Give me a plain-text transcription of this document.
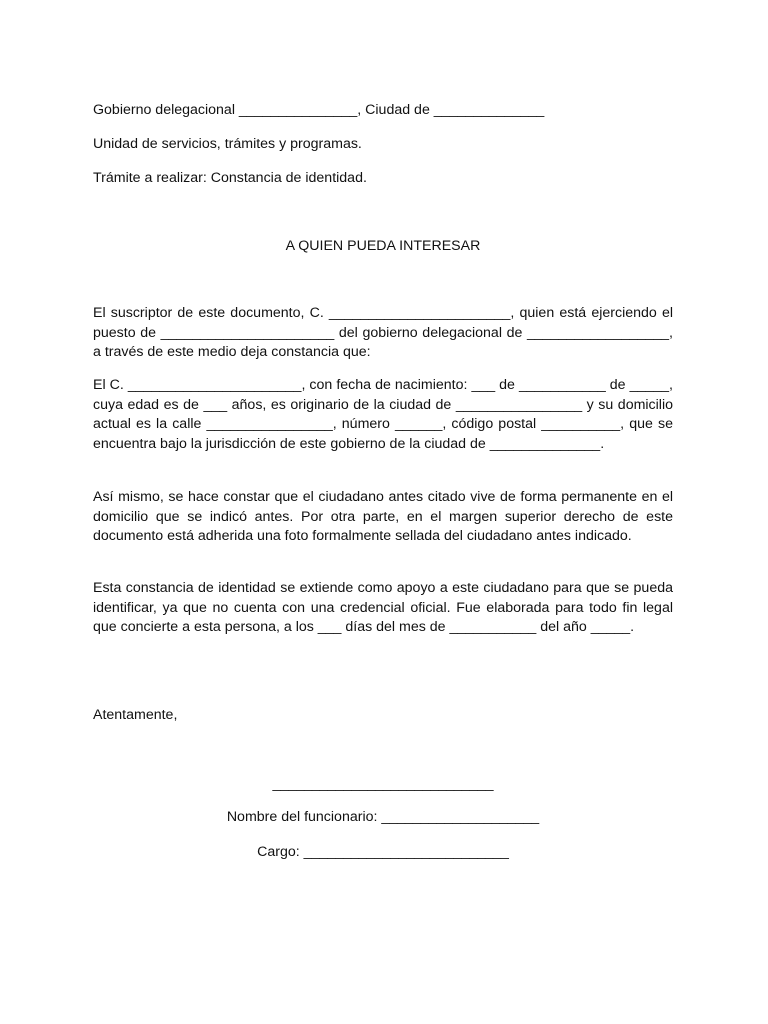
Gobierno delegacional _______________, Ciudad de ______________

Unidad de servicios, trámites y programas.

Trámite a realizar: Constancia de identidad.

A QUIEN PUEDA INTERESAR

El suscriptor de este documento, C. _______________________, quien está ejerciendo el puesto de ______________________ del gobierno delegacional de __________________, a través de este medio deja constancia que:

El C. ______________________, con fecha de nacimiento: ___ de ___________ de _____, cuya edad es de ___ años, es originario de la ciudad de ________________ y su domicilio actual es la calle ________________, número ______, código postal __________, que se encuentra bajo la jurisdicción de este gobierno de la ciudad de ______________.

Así mismo, se hace constar que el ciudadano antes citado vive de forma permanente en el domicilio que se indicó antes. Por otra parte, en el margen superior derecho de este documento está adherida una foto formalmente sellada del ciudadano antes indicado.

Esta constancia de identidad se extiende como apoyo a este ciudadano para que se pueda identificar, ya que no cuenta con una credencial oficial. Fue elaborada para todo fin legal que concierte a esta persona, a los ___ días del mes de ___________ del año _____.

Atentamente,

____________________________

Nombre del funcionario: ____________________

Cargo: __________________________
